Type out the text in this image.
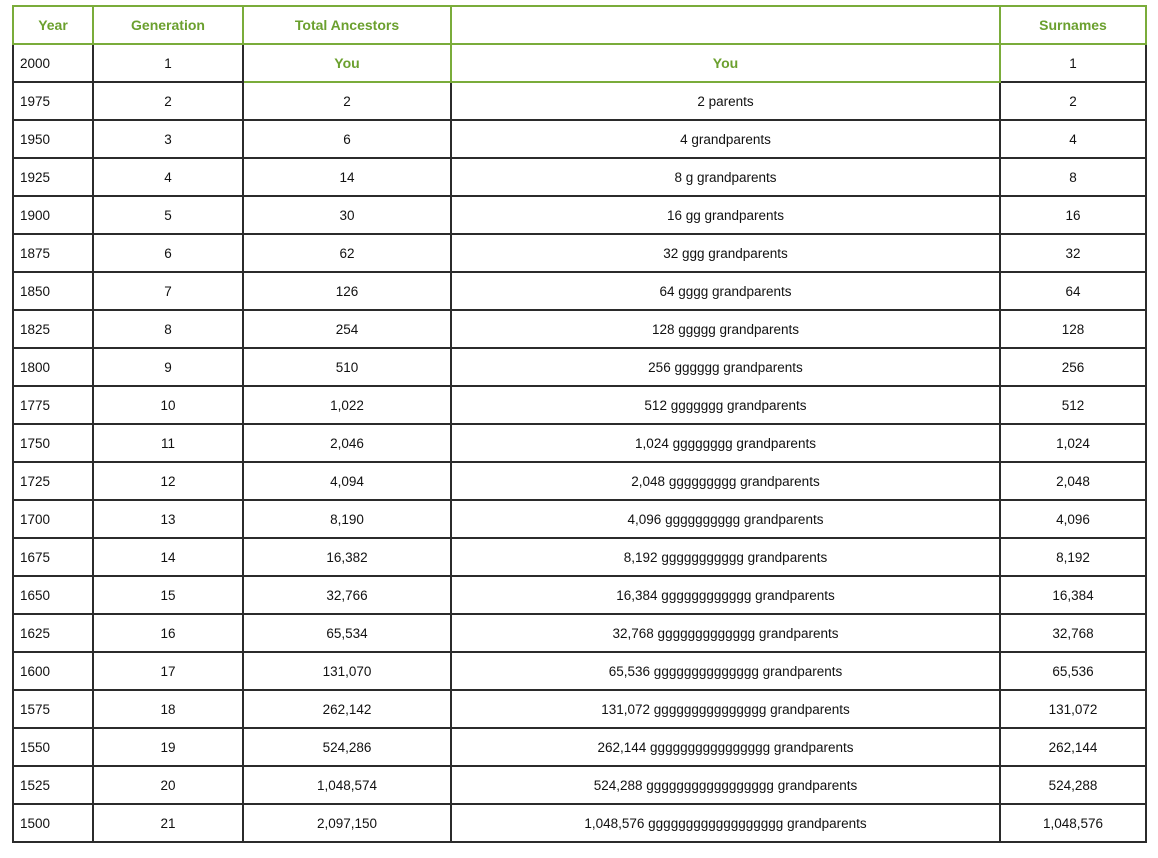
Year	Generation	Total Ancestors		Surnames
2000	1	You	You	1
1975	2	2	2 parents	2
1950	3	6	4 grandparents	4
1925	4	14	8 g grandparents	8
1900	5	30	16 gg grandparents	16
1875	6	62	32 ggg grandparents	32
1850	7	126	64 gggg grandparents	64
1825	8	254	128 ggggg grandparents	128
1800	9	510	256 gggggg grandparents	256
1775	10	1,022	512 ggggggg grandparents	512
1750	11	2,046	1,024 gggggggg grandparents	1,024
1725	12	4,094	2,048 ggggggggg grandparents	2,048
1700	13	8,190	4,096 gggggggggg grandparents	4,096
1675	14	16,382	8,192 ggggggggggg grandparents	8,192
1650	15	32,766	16,384 gggggggggggg grandparents	16,384
1625	16	65,534	32,768 ggggggggggggg grandparents	32,768
1600	17	131,070	65,536 gggggggggggggg grandparents	65,536
1575	18	262,142	131,072 ggggggggggggggg grandparents	131,072
1550	19	524,286	262,144 gggggggggggggggg grandparents	262,144
1525	20	1,048,574	524,288 ggggggggggggggggg grandparents	524,288
1500	21	2,097,150	1,048,576 gggggggggggggggggg grandparents	1,048,576
